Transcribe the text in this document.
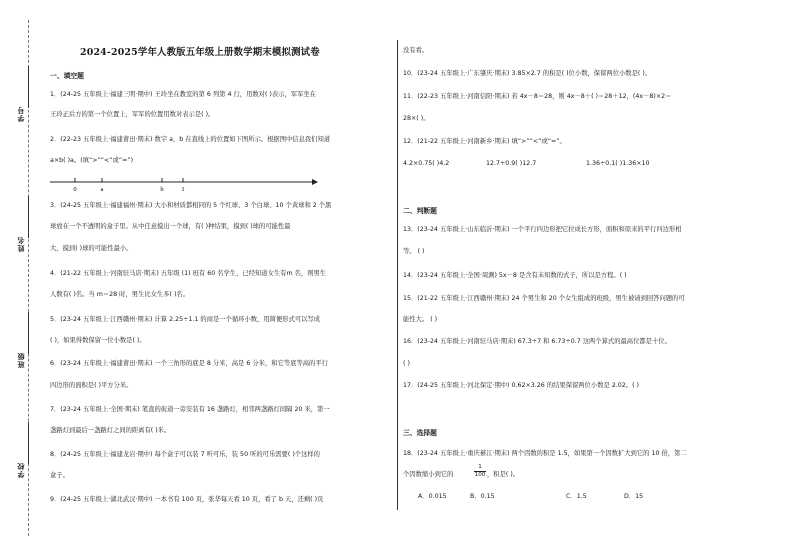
学号
姓名
班级
学校
2024-2025学年人教版五年级上册数学期末模拟测试卷
一、填空题
1．(24-25 五年级上·福建三明·期中) 王玲坐在教室的第 6 列第 4 行，用数对( )表示，军军坐在
王玲正后方的第一个位置上，军军的位置用数对表示是( )。
2．(22-23 五年级上·福建莆田·期末) 数字 a，b 在直线上的位置如下图所示。根据图中信息我们知道
a×b( )a。(填“>”“<”或“=”)
0	a	b	1
3．(24-25 五年级上·福建福州·期末) 大小和材质都相同的 5 个红球、3 个白球、10 个黄球和 2 个黑
球放在一个不透明的盒子里。从中任意摸出一个球，有( )种结果，摸到( )球的可能性最
大，摸到( )球的可能性最小。
4．(21-22 五年级上·河南驻马店·期末) 五年级 (1) 班有 60 名学生，已经知道女生有m 名，则男生
人数有( )名。当 m＝28 时，男生比女生多( )名。
5．(23-24 五年级上·江西赣州·期末) 计算 2.25÷1.1 的商是一个循环小数，用简便形式可以写成
( )，如果得数保留一位小数是( )。
6．(23-24 五年级上·福建莆田·期末) 一个三角形的底是 8 分米，高是 6 分米，和它等底等高的平行
四边形的面积是( )平方分米。
7．(23-24 五年级上·全国·期末) 笔直的街道一旁安装有 16 盏路灯，相邻两盏路灯间隔 20 米，第一
盏路灯到最后一盏路灯之间的距离有( )米。
8．(24-25 五年级上·福建龙岩·期中) 每个盒子可以装 7 听可乐，装 50 听的可乐需要( )个这样的
盒子。
9．(24-25 五年级上·湖北武汉·期中) 一本书有 100 页，张华每天看 10 页，看了 b 天，还剩( )页
没有看。
10．(23-24 五年级上·广东肇庆·期末) 3.85×2.7 的积是( )位小数，保留两位小数是( )。
11．(22-23 五年级上·河南信阳·期末) 若 4x－8＝28，则 4x－8＋( )＝28＋12，(4x－8)×2＝
28×( )。
12．(21-22 五年级上·河南新乡·期末) 填“>”“<”或“=”。
4.2×0.75( )4.2	12.7÷0.9( )12.7	1.36÷0.1( )1.36×10
二、判断题
13．(23-24 五年级上·山东临沂·期末) 一个平行四边形把它拉成长方形，面积和原来的平行四边形相
等。 ( )
14．(23-24 五年级上·全国·周测) 5x－8 是含有未知数的式子，所以是方程。( )
15．(21-22 五年级上·江西赣州·期末) 24 个男生和 20 个女生组成的班级，男生被请到回答问题的可
能性大。 ( )
16．(23-24 五年级上·河南驻马店·期末) 67.3÷7 和 6.73÷0.7 这两个算式的最高位都是十位。
( )
17．(24-25 五年级上·河北保定·期中) 0.62×3.26 的结果保留两位小数是 2.02。( )
三、选择题
18．(23-24 五年级上·重庆綦江·期末) 两个因数的积是 1.5，如果第一个因数扩大到它的 10 倍，第二
个因数缩小到它的	$\frac{1}{100}$ ，积是( )。
A．0.015	B．0.15	C．1.5	D．15
